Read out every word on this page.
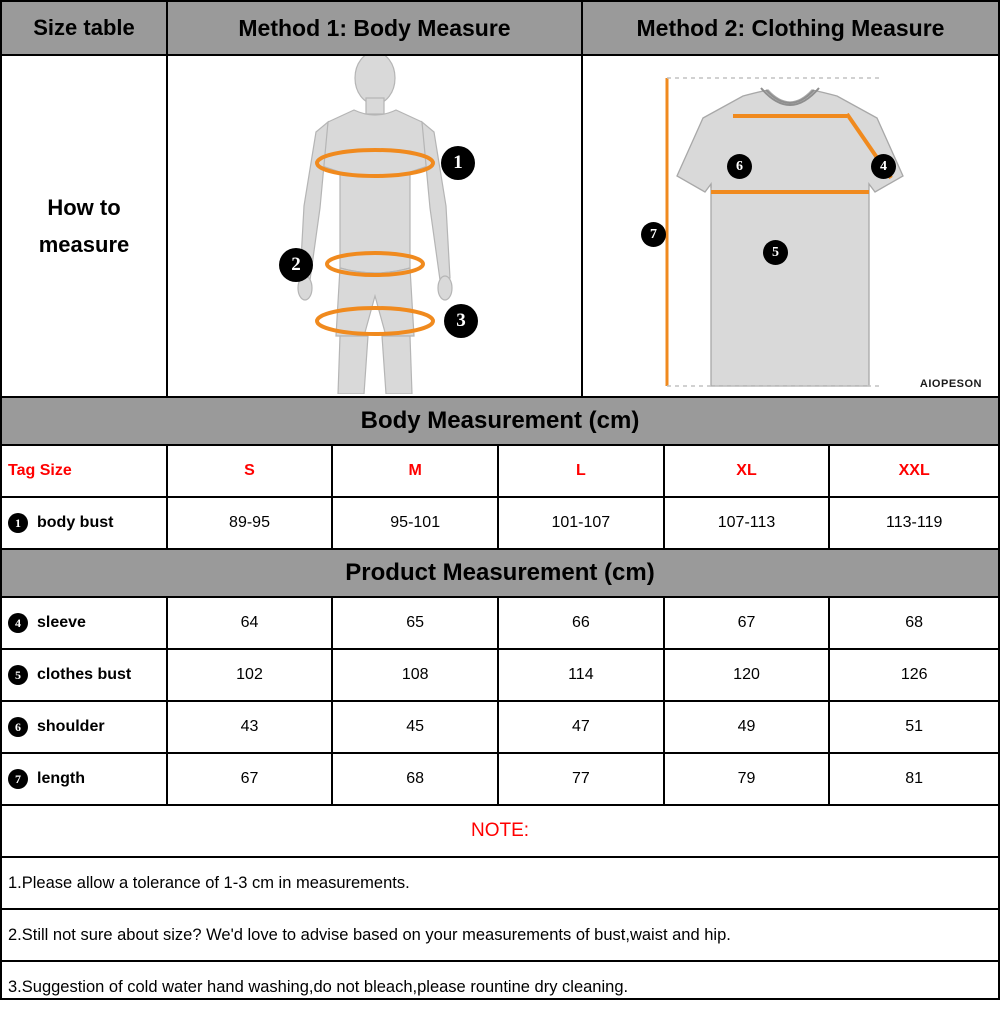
Size table	Method 1: Body Measure	Method 2: Clothing Measure
How to
measure
1
2
3
6	4
7
5
AIOPESON
Body Measurement (cm)
Tag Size	S	M	L	XL	XXL
1	body bust	89-95	95-101	101-107	107-113	113-119
Product Measurement (cm)
4	sleeve	64	65	66	67	68
5	clothes bust	102	108	114	120	126
6	shoulder	43	45	47	49	51
7	length	67	68	77	79	81
NOTE:
1.Please allow a tolerance of 1-3 cm in measurements.
2.Still not sure about size? We'd love to advise based on your measurements of bust,waist and hip.
3.Suggestion of cold water hand washing,do not bleach,please rountine dry cleaning.
